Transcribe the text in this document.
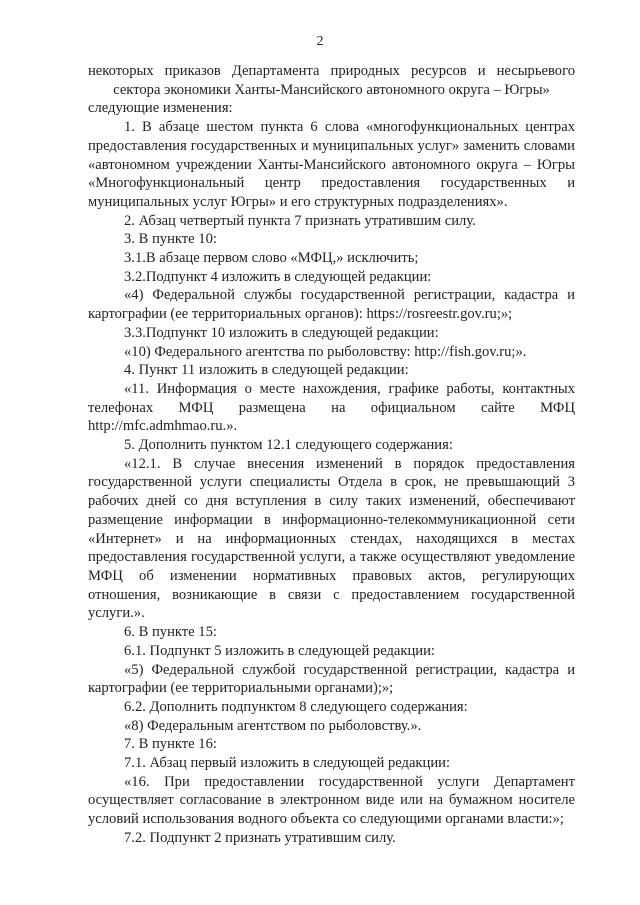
2

некоторых приказов Департамента природных ресурсов и несырьевого

сектора экономики Ханты-Мансийского автономного округа – Югры»

следующие изменения:

1. В абзаце шестом пункта 6 слова «многофункциональных центрах предоставления государственных и муниципальных услуг» заменить словами «автономном учреждении Ханты-Мансийского автономного округа – Югры «Многофункциональный центр предоставления государственных и муниципальных услуг Югры» и его структурных подразделениях».

2. Абзац четвертый пункта 7 признать утратившим силу.

3. В пункте 10:

3.1.В абзаце первом слово «МФЦ,» исключить;

3.2.Подпункт 4 изложить в следующей редакции:

«4) Федеральной службы государственной регистрации, кадастра и картографии (ее территориальных органов): https://rosreestr.gov.ru;»;

3.3.Подпункт 10 изложить в следующей редакции:

«10) Федерального агентства по рыболовству: http://fish.gov.ru;».

4. Пункт 11 изложить в следующей редакции:

«11. Информация о месте нахождения, графике работы, контактных телефонах МФЦ размещена на официальном сайте МФЦ http://mfc.admhmao.ru.».

5. Дополнить пунктом 12.1 следующего содержания:

«12.1. В случае внесения изменений в порядок предоставления государственной услуги специалисты Отдела в срок, не превышающий 3 рабочих дней со дня вступления в силу таких изменений, обеспечивают размещение информации в информационно-телекоммуникационной сети «Интернет» и на информационных стендах, находящихся в местах предоставления государственной услуги, а также осуществляют уведомление МФЦ об изменении нормативных правовых актов, регулирующих отношения, возникающие в связи с предоставлением государственной услуги.».

6. В пункте 15:

6.1. Подпункт 5 изложить в следующей редакции:

«5) Федеральной службой государственной регистрации, кадастра и картографии (ее территориальными органами);»;

6.2. Дополнить подпунктом 8 следующего содержания:

«8) Федеральным агентством по рыболовству.».

7. В пункте 16:

7.1. Абзац первый изложить в следующей редакции:

«16. При предоставлении государственной услуги Департамент осуществляет согласование в электронном виде или на бумажном носителе условий использования водного объекта со следующими органами власти:»;

7.2. Подпункт 2 признать утратившим силу.
